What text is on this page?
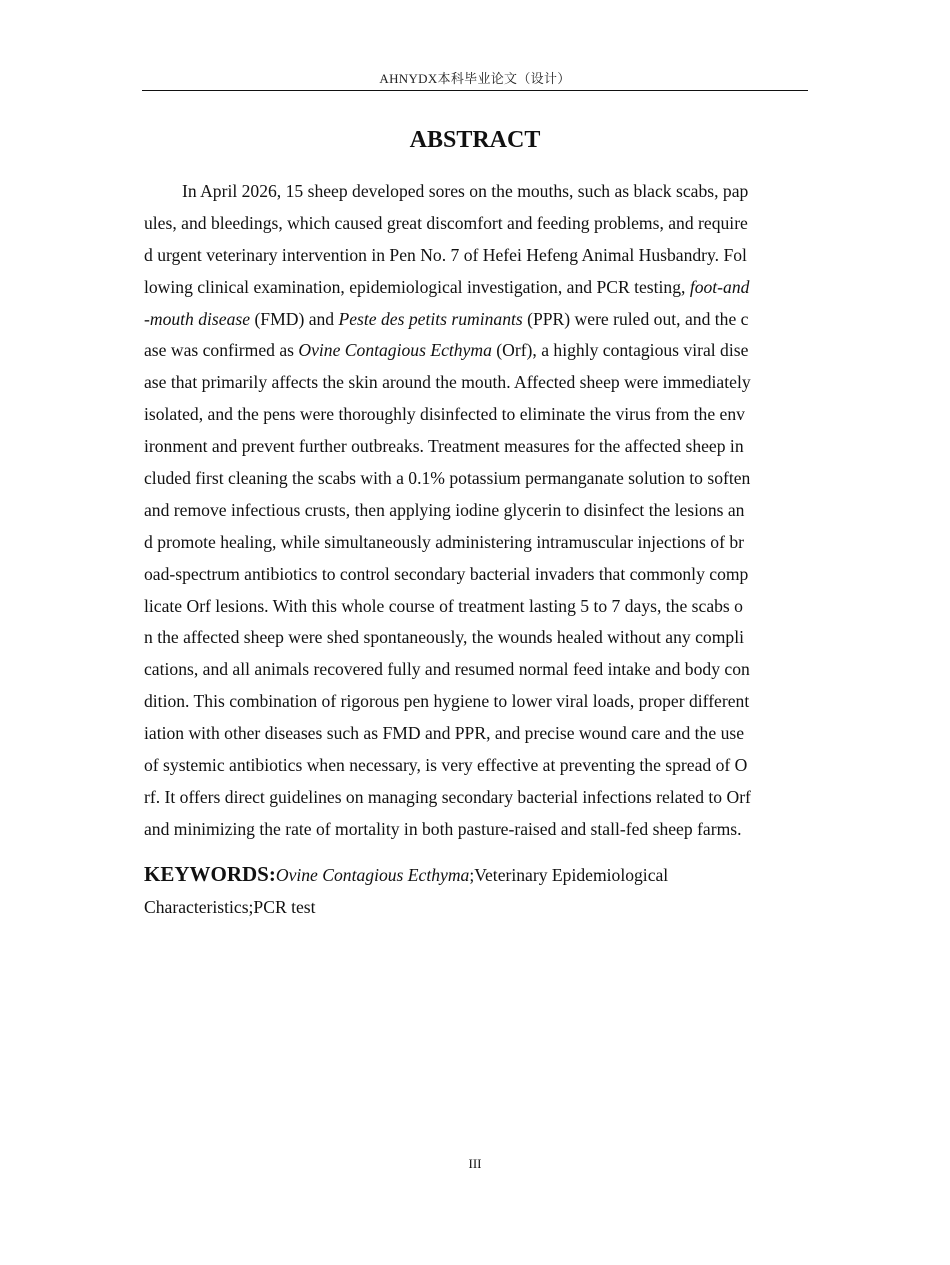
AHNYDX本科毕业论文（设计）
ABSTRACT
In April 2026, 15 sheep developed sores on the mouths, such as black scabs, pap
ules, and bleedings, which caused great discomfort and feeding problems, and require
d urgent veterinary intervention in Pen No. 7 of Hefei Hefeng Animal Husbandry. Fol
lowing clinical examination, epidemiological investigation, and PCR testing, foot-and
-mouth disease (FMD) and Peste des petits ruminants (PPR) were ruled out, and the c
ase was confirmed as Ovine Contagious Ecthyma (Orf), a highly contagious viral dise
ase that primarily affects the skin around the mouth. Affected sheep were immediately
isolated, and the pens were thoroughly disinfected to eliminate the virus from the env
ironment and prevent further outbreaks. Treatment measures for the affected sheep in
cluded first cleaning the scabs with a 0.1% potassium permanganate solution to soften
and remove infectious crusts, then applying iodine glycerin to disinfect the lesions an
d promote healing, while simultaneously administering intramuscular injections of br
oad-spectrum antibiotics to control secondary bacterial invaders that commonly comp
licate Orf lesions. With this whole course of treatment lasting 5 to 7 days, the scabs o
n the affected sheep were shed spontaneously, the wounds healed without any compli
cations, and all animals recovered fully and resumed normal feed intake and body con
dition. This combination of rigorous pen hygiene to lower viral loads, proper different
iation with other diseases such as FMD and PPR, and precise wound care and the use
of systemic antibiotics when necessary, is very effective at preventing the spread of O
rf. It offers direct guidelines on managing secondary bacterial infections related to Orf
and minimizing the rate of mortality in both pasture-raised and stall-fed sheep farms.
KEYWORDS:Ovine Contagious Ecthyma;Veterinary Epidemiological
Characteristics;PCR test
III
